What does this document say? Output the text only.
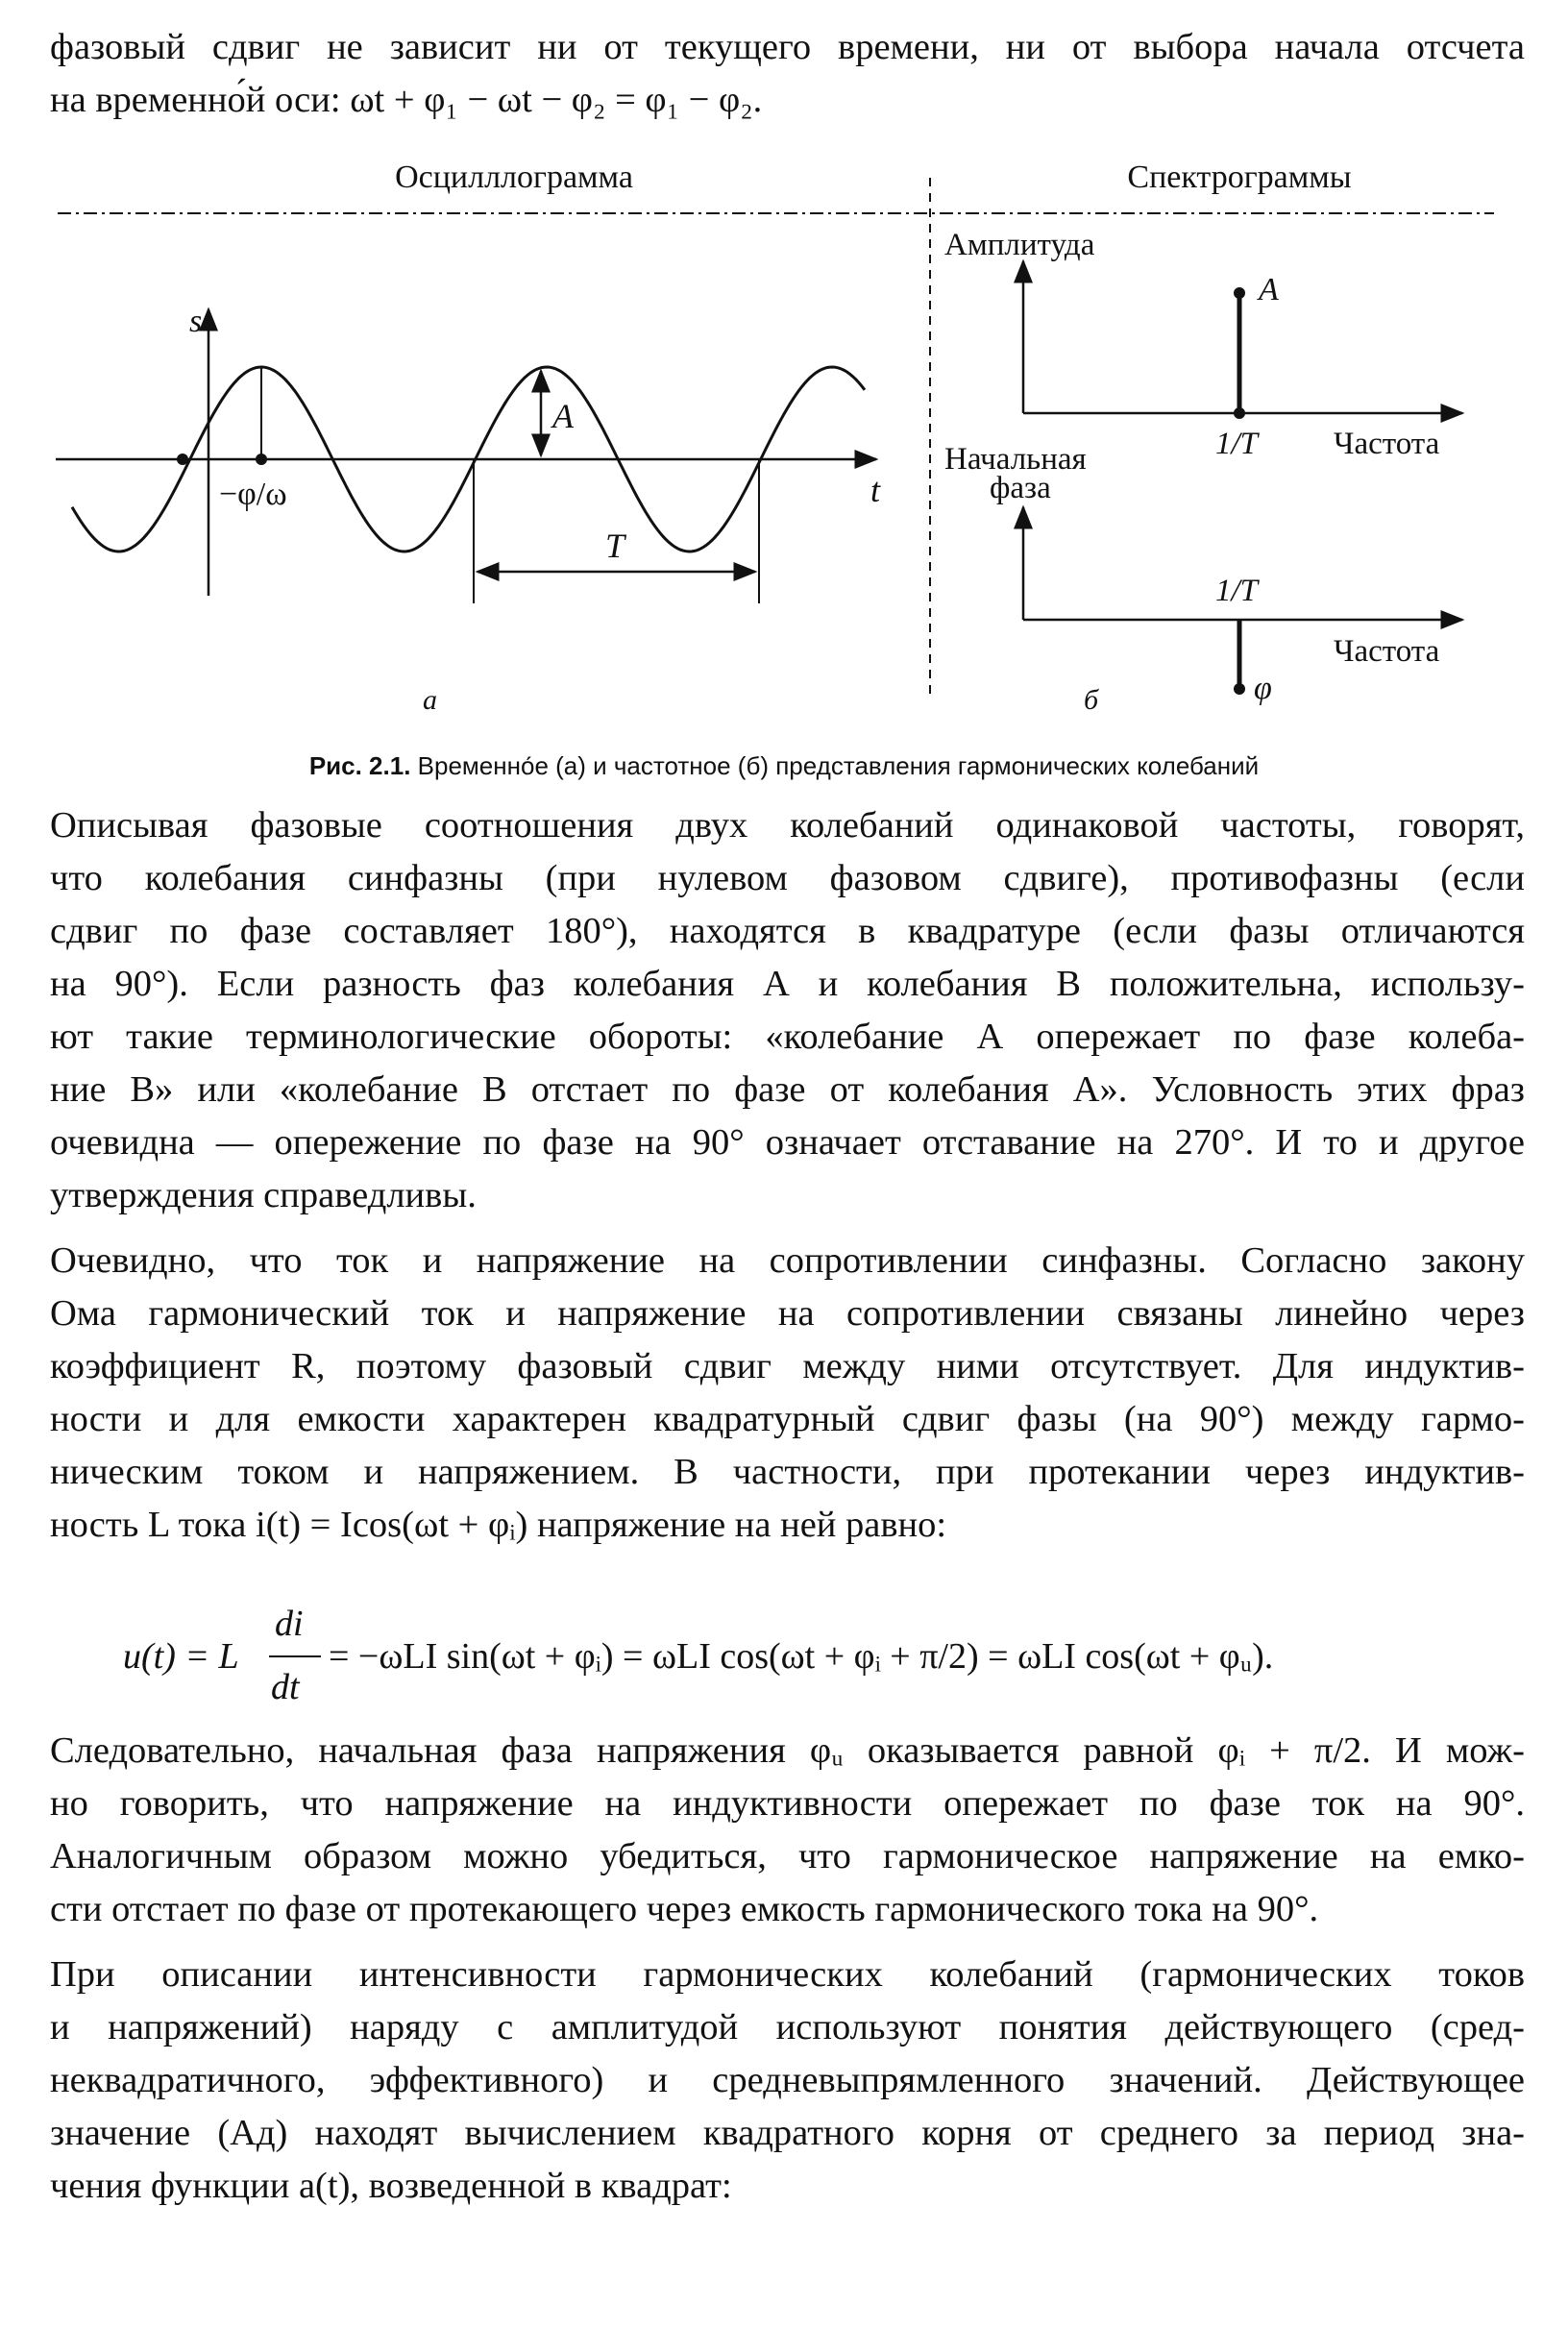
фазовый сдвиг не зависит ни от текущего времени, ни от выбора начала отсчета
на временно́й оси: ωt + φ₁ − ωt − φ₂ = φ₁ − φ₂.

Осцилллограмма	Спектрограммы
s
t
−φ/ω
A
T
а
Амплитуда
A
1/T Частота
Начальная
фаза
1/T
φ
Частота
б
Рис. 2.1. Временно́е (а) и частотное (б) представления гармонических колебаний

Описывая фазовые соотношения двух колебаний одинаковой частоты, говорят,
что колебания синфазны (при нулевом фазовом сдвиге), противофазны (если
сдвиг по фазе составляет 180°), находятся в квадратуре (если фазы отличаются
на 90°). Если разность фаз колебания А и колебания В положительна, использу-
ют такие терминологические обороты: «колебание А опережает по фазе колеба-
ние В» или «колебание В отстает по фазе от колебания А». Условность этих фраз
очевидна — опережение по фазе на 90° означает отставание на 270°. И то и другое
утверждения справедливы.

Очевидно, что ток и напряжение на сопротивлении синфазны. Согласно закону
Ома гармонический ток и напряжение на сопротивлении связаны линейно через
коэффициент R, поэтому фазовый сдвиг между ними отсутствует. Для индуктив-
ности и для емкости характерен квадратурный сдвиг фазы (на 90°) между гармо-
ническим током и напряжением. В частности, при протекании через индуктив-
ность L тока i(t) = Icos(ωt + φᵢ) напряжение на ней равно:

u(t) = L
di
dt
= −ωLI sin(ωt + φᵢ) = ωLI cos(ωt + φᵢ + π/2) = ωLI cos(ωt + φᵤ).

Следовательно, начальная фаза напряжения φᵤ оказывается равной φᵢ + π/2. И мож-
но говорить, что напряжение на индуктивности опережает по фазе ток на 90°.
Аналогичным образом можно убедиться, что гармоническое напряжение на емко-
сти отстает по фазе от протекающего через емкость гармонического тока на 90°.

При описании интенсивности гармонических колебаний (гармонических токов
и напряжений) наряду с амплитудой используют понятия действующего (сред-
неквадратичного, эффективного) и средневыпрямленного значений. Действующее
значение (Aд) находят вычислением квадратного корня от среднего за период зна-
чения функции a(t), возведенной в квадрат:
